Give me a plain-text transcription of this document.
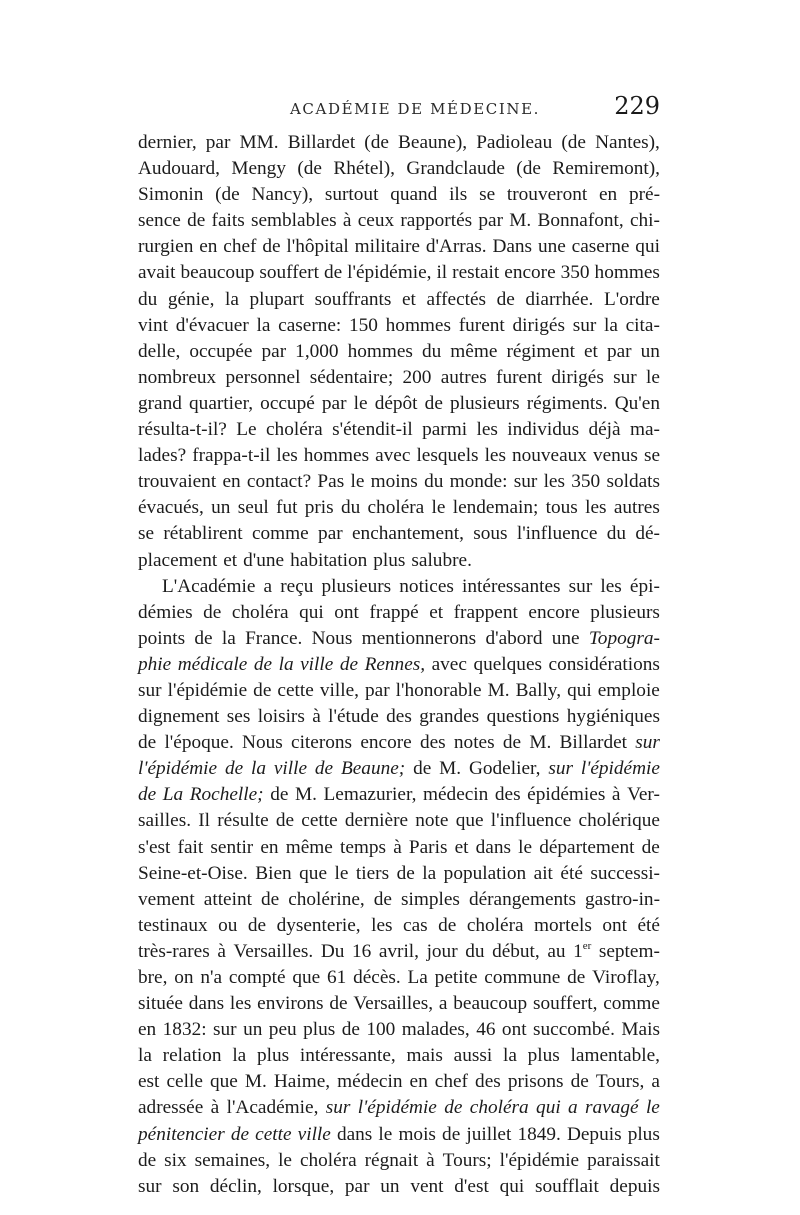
ACADÉMIE DE MÉDECINE.	229
dernier, par MM. Billardet (de Beaune), Padioleau (de Nantes),
Audouard, Mengy (de Rhétel), Grandclaude (de Remiremont),
Simonin (de Nancy), surtout quand ils se trouveront en pré-
sence de faits semblables à ceux rapportés par M. Bonnafont, chi-
rurgien en chef de l'hôpital militaire d'Arras. Dans une caserne qui
avait beaucoup souffert de l'épidémie, il restait encore 350 hommes
du génie, la plupart souffrants et affectés de diarrhée. L'ordre
vint d'évacuer la caserne: 150 hommes furent dirigés sur la cita-
delle, occupée par 1,000 hommes du même régiment et par un
nombreux personnel sédentaire; 200 autres furent dirigés sur le
grand quartier, occupé par le dépôt de plusieurs régiments. Qu'en
résulta-t-il? Le choléra s'étendit-il parmi les individus déjà ma-
lades? frappa-t-il les hommes avec lesquels les nouveaux venus se
trouvaient en contact? Pas le moins du monde: sur les 350 soldats
évacués, un seul fut pris du choléra le lendemain; tous les autres
se rétablirent comme par enchantement, sous l'influence du dé-
placement et d'une habitation plus salubre.
L'Académie a reçu plusieurs notices intéressantes sur les épi-
démies de choléra qui ont frappé et frappent encore plusieurs
points de la France. Nous mentionnerons d'abord une Topogra-
phie médicale de la ville de Rennes, avec quelques considérations
sur l'épidémie de cette ville, par l'honorable M. Bally, qui emploie
dignement ses loisirs à l'étude des grandes questions hygiéniques
de l'époque. Nous citerons encore des notes de M. Billardet sur
l'épidémie de la ville de Beaune; de M. Godelier, sur l'épidémie
de La Rochelle; de M. Lemazurier, médecin des épidémies à Ver-
sailles. Il résulte de cette dernière note que l'influence cholérique
s'est fait sentir en même temps à Paris et dans le département de
Seine-et-Oise. Bien que le tiers de la population ait été successi-
vement atteint de cholérine, de simples dérangements gastro-in-
testinaux ou de dysenterie, les cas de choléra mortels ont été
très-rares à Versailles. Du 16 avril, jour du début, au 1er septem-
bre, on n'a compté que 61 décès. La petite commune de Viroflay,
située dans les environs de Versailles, a beaucoup souffert, comme
en 1832: sur un peu plus de 100 malades, 46 ont succombé. Mais
la relation la plus intéressante, mais aussi la plus lamentable,
est celle que M. Haime, médecin en chef des prisons de Tours, a
adressée à l'Académie, sur l'épidémie de choléra qui a ravagé le
pénitencier de cette ville dans le mois de juillet 1849. Depuis plus
de six semaines, le choléra régnait à Tours; l'épidémie paraissait
sur son déclin, lorsque, par un vent d'est qui soufflait depuis
